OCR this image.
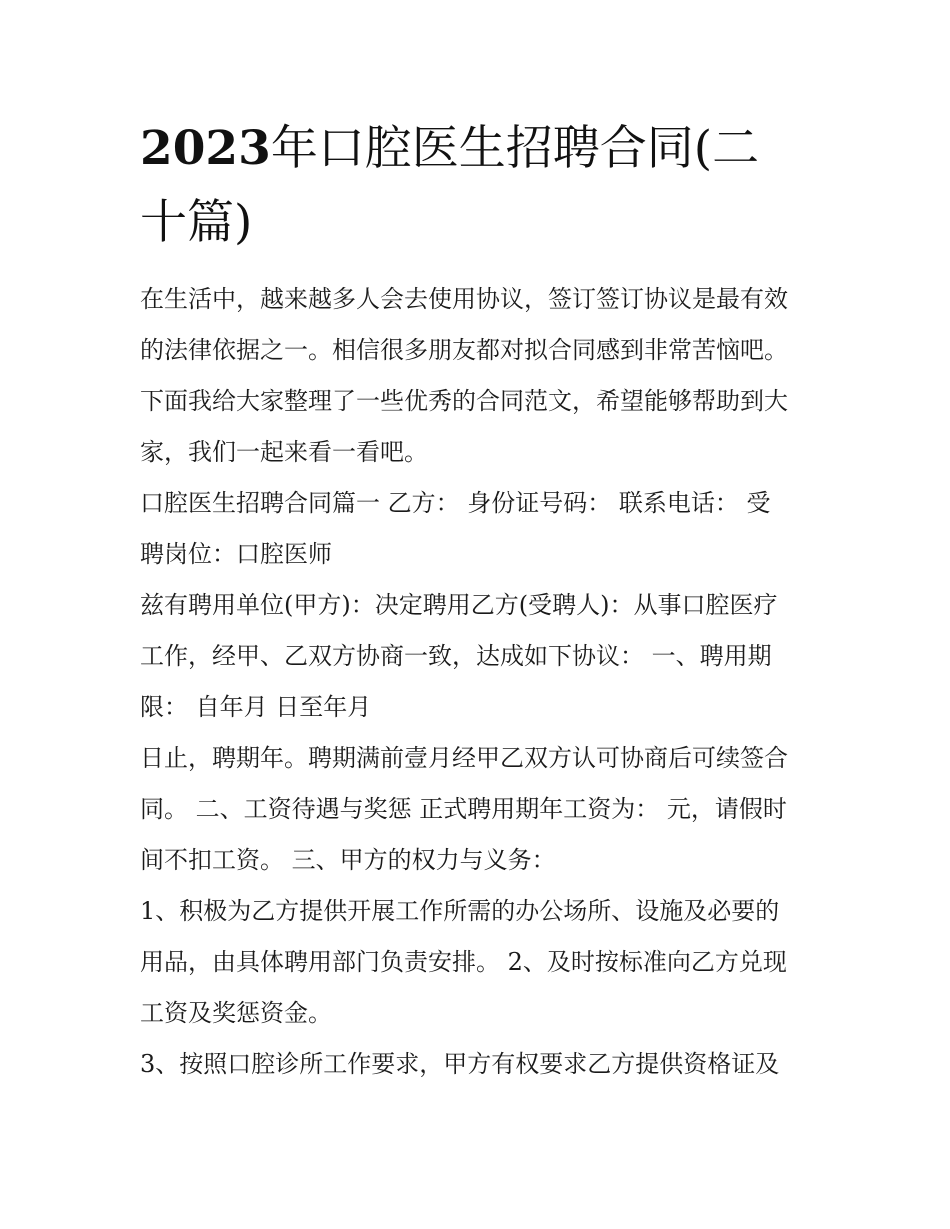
2023年口腔医生招聘合同(二
十篇)
在生活中，越来越多人会去使用协议，签订签订协议是最有效
的法律依据之一。相信很多朋友都对拟合同感到非常苦恼吧。
下面我给大家整理了一些优秀的合同范文，希望能够帮助到大
家，我们一起来看一看吧。
口腔医生招聘合同篇一 乙方： 身份证号码： 联系电话： 受
聘岗位：口腔医师
兹有聘用单位(甲方)：决定聘用乙方(受聘人)：从事口腔医疗
工作，经甲、乙双方协商一致，达成如下协议： 一、聘用期
限： 自年月 日至年月
日止，聘期年。聘期满前壹月经甲乙双方认可协商后可续签合
同。 二、工资待遇与奖惩 正式聘用期年工资为： 元，请假时
间不扣工资。 三、甲方的权力与义务：
1、积极为乙方提供开展工作所需的办公场所、设施及必要的
用品，由具体聘用部门负责安排。 2、及时按标准向乙方兑现
工资及奖惩资金。
3、按照口腔诊所工作要求，甲方有权要求乙方提供资格证及
